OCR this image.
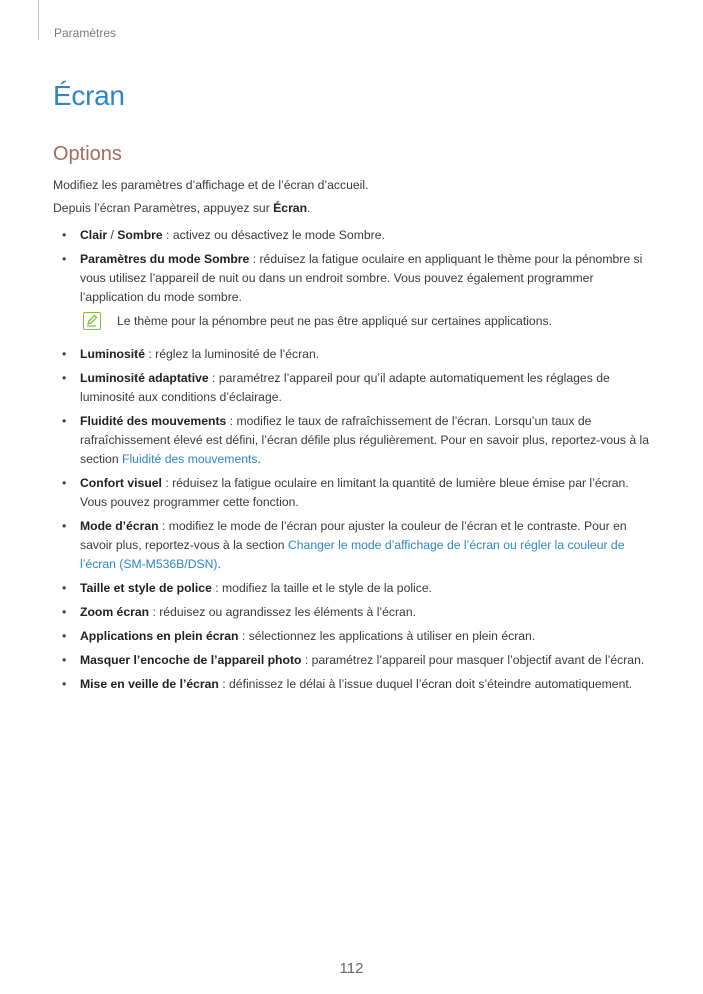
Paramètres
Écran
Options

Modifiez les paramètres d’affichage et de l’écran d’accueil.

Depuis l’écran Paramètres, appuyez sur Écran.

• Clair / Sombre : activez ou désactivez le mode Sombre.
• Paramètres du mode Sombre : réduisez la fatigue oculaire en appliquant le thème pour la pénombre si vous utilisez l’appareil de nuit ou dans un endroit sombre. Vous pouvez également programmer l’application du mode sombre.
Le thème pour la pénombre peut ne pas être appliqué sur certaines applications.
• Luminosité : réglez la luminosité de l’écran.
• Luminosité adaptative : paramétrez l’appareil pour qu’il adapte automatiquement les réglages de luminosité aux conditions d’éclairage.
• Fluidité des mouvements : modifiez le taux de rafraîchissement de l’écran. Lorsqu’un taux de rafraîchissement élevé est défini, l’écran défile plus régulièrement. Pour en savoir plus, reportez-vous à la section Fluidité des mouvements.
• Confort visuel : réduisez la fatigue oculaire en limitant la quantité de lumière bleue émise par l’écran. Vous pouvez programmer cette fonction.
• Mode d’écran : modifiez le mode de l’écran pour ajuster la couleur de l’écran et le contraste. Pour en savoir plus, reportez-vous à la section Changer le mode d’affichage de l’écran ou régler la couleur de l’écran (SM-M536B/DSN).
• Taille et style de police : modifiez la taille et le style de la police.
• Zoom écran : réduisez ou agrandissez les éléments à l’écran.
• Applications en plein écran : sélectionnez les applications à utiliser en plein écran.
• Masquer l’encoche de l’appareil photo : paramétrez l’appareil pour masquer l’objectif avant de l’écran.
• Mise en veille de l’écran : définissez le délai à l’issue duquel l’écran doit s’éteindre automatiquement.
112
